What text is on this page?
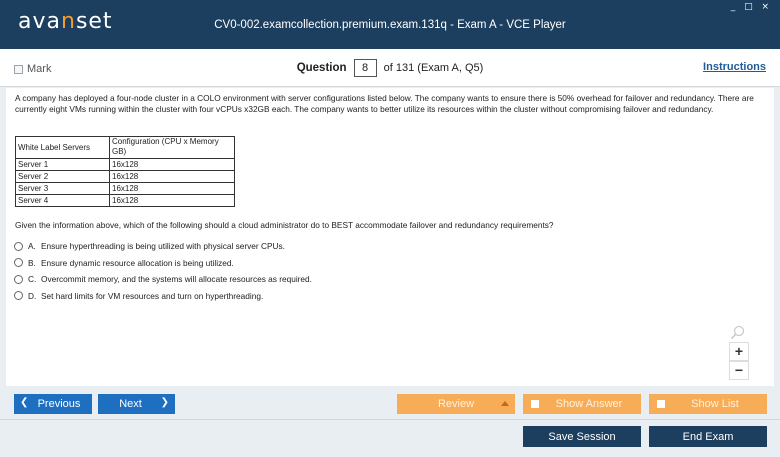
avanset	CV0-002.examcollection.premium.exam.131q - Exam A - VCE Player
_ □ ×
Mark	Question 8 of 131 (Exam A, Q5)	Instructions
A company has deployed a four-node cluster in a COLO environment with server configurations listed below. The company wants to ensure there is 50% overhead for failover and redundancy. There are currently eight VMs running within the cluster with four vCPUs x32GB each. The company wants to better utilize its resources within the cluster without compromising failover and redundancy.
White Label Servers	Configuration (CPU x Memory GB)
Server 1	16x128
Server 2	16x128
Server 3	16x128
Server 4	16x128
Given the information above, which of the following should a cloud administrator do to BEST accommodate failover and redundancy requirements?
A. Ensure hyperthreading is being utilized with physical server CPUs.
B. Ensure dynamic resource allocation is being utilized.
C. Overcommit memory, and the systems will allocate resources as required.
D. Set hard limits for VM resources and turn on hyperthreading.
+
−
❮ Previous	Next ❯	Review	Show Answer	Show List
Save Session	End Exam
